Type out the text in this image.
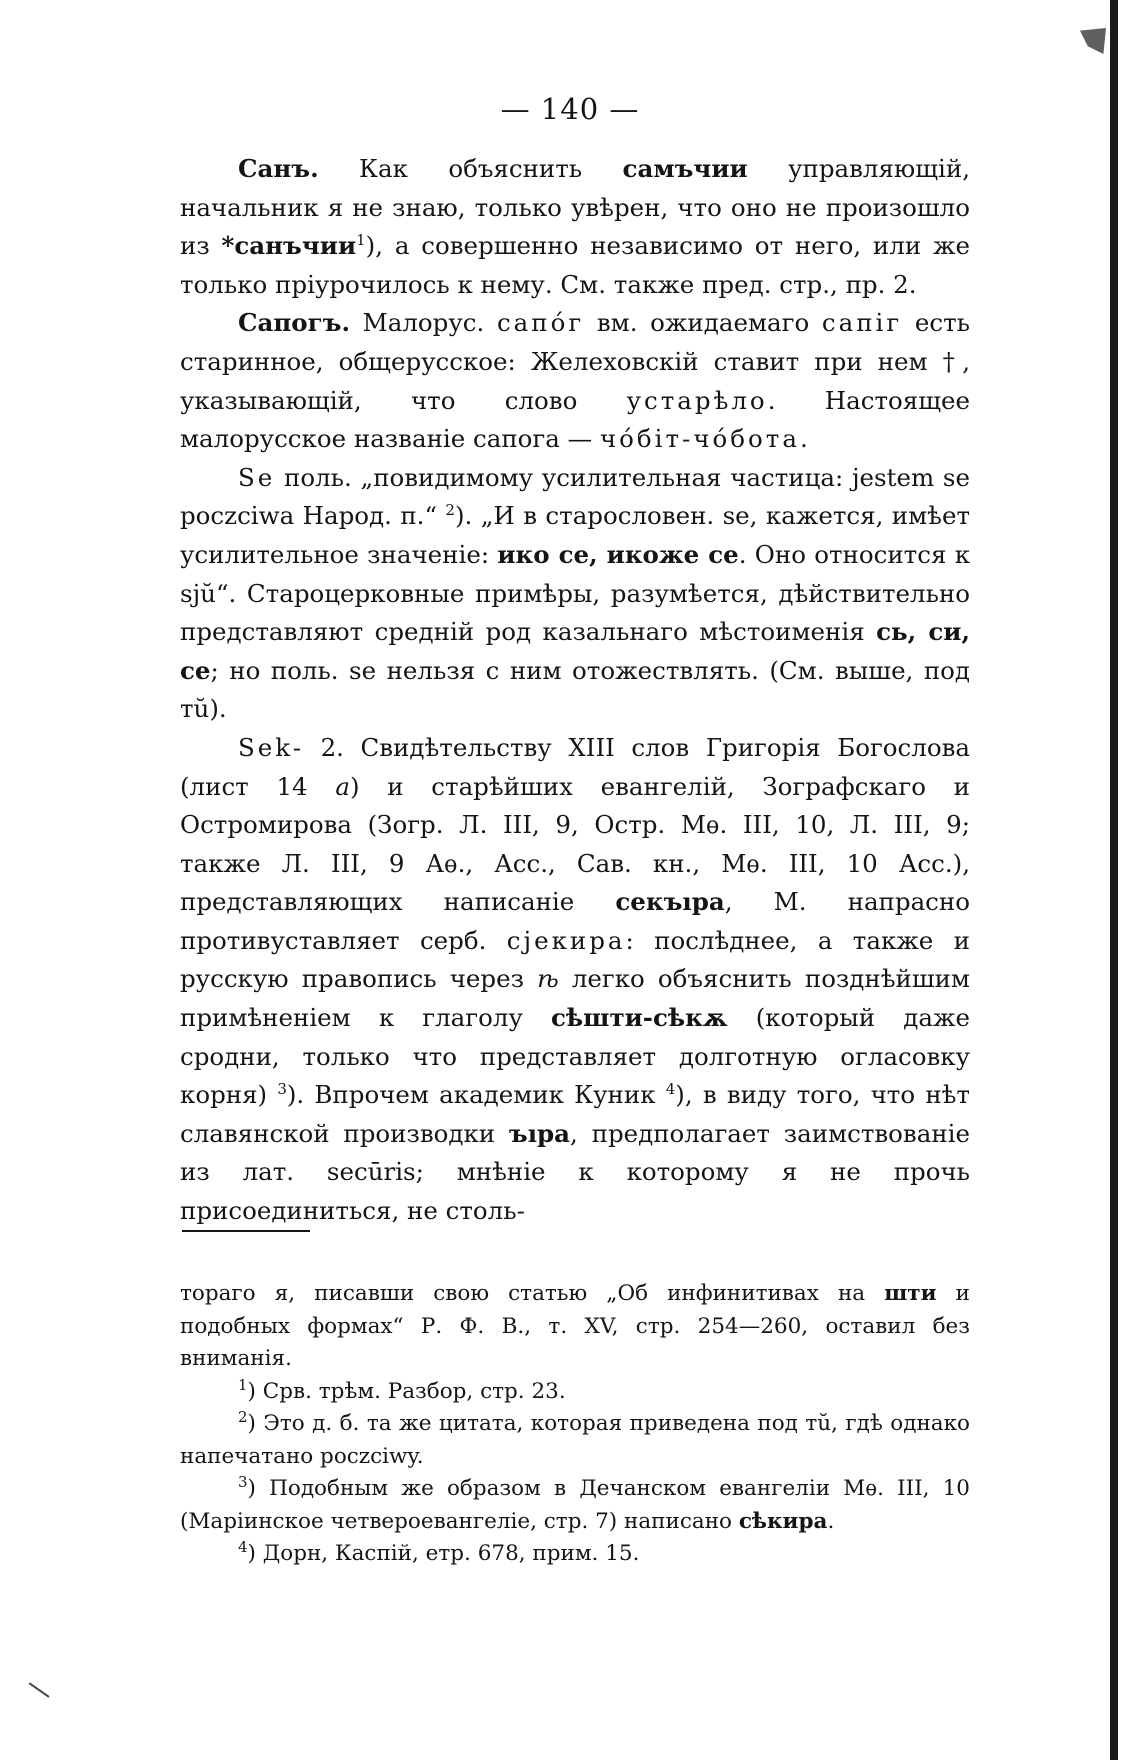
— 140 —

Санъ. Как объяснить самъчии управляющій, начальник я не знаю, только увѣрен, что оно не произошло из *санъчии$^1$), а совершенно независимо от него, или же только пріурочилось к нему. См. также пред. стр., пр. 2.

Сапогъ. Малорус. сапóг вм. ожидаемаго сапіг есть старинное, общерусское: Желеховскій ставит при нем †, указывающій, что слово устарѣло. Настоящее малорусское названіе сапога — чóбіт-чóбота.

Se поль. „повидимому усилительная частица: jestem se poczciwa Народ. п.“ $^2$). „И в старословен. se, кажется, имѣет усилительное значеніе: ико се, икоже се. Оно относится к sjŭ“. Староцерковные примѣры, разумѣется, дѣйствительно представляют средній род казальнаго мѣстоименія сь, си, се; но поль. se нельзя с ним отожествлять. (См. выше, под тŭ).

Sek- 2. Свидѣтельству XIII слов Григорія Богослова (лист 14 a) и старѣйших евангелій, Зографскаго и Остромирова (Зогр. Л. III, 9, Остр. Мѳ. III, 10, Л. III, 9; также Л. III, 9 Аѳ., Асс., Сав. кн., Мѳ. III, 10 Асс.), представляющих написаніе секъıра, М. напрасно противуставляет серб. сјекира: послѣднее, а также и русскую правопись через ѣ легко объяснить позднѣйшим примѣненіем к глаголу сѣшти-сѣкѫ (который даже сродни, только что представляет долготную огласовку корня) $^3$). Впрочем академик Куник $^4$), в виду того, что нѣт славянской производки ъıра, предполагает заимствованіе из лат. secūris; мнѣніе к которому я не прочь присоединиться, не столь-

тораго я, писавши свою статью „Об инфинитивах на шти и подобных формах“ Р. Ф. В., т. XV, стр. 254—260, оставил без вниманія.

$^1$) Срв. трѣм. Разбор, стр. 23.

$^2$) Это д. б. та же цитата, которая приведена под тŭ, гдѣ однако напечатано poczciwy.

$^3$) Подобным же образом в Дечанском евангеліи Мѳ. III, 10 (Маріинское четвероевангеліе, стр. 7) написано сѣкира.

$^4$) Дорн, Каспій, етр. 678, прим. 15.
